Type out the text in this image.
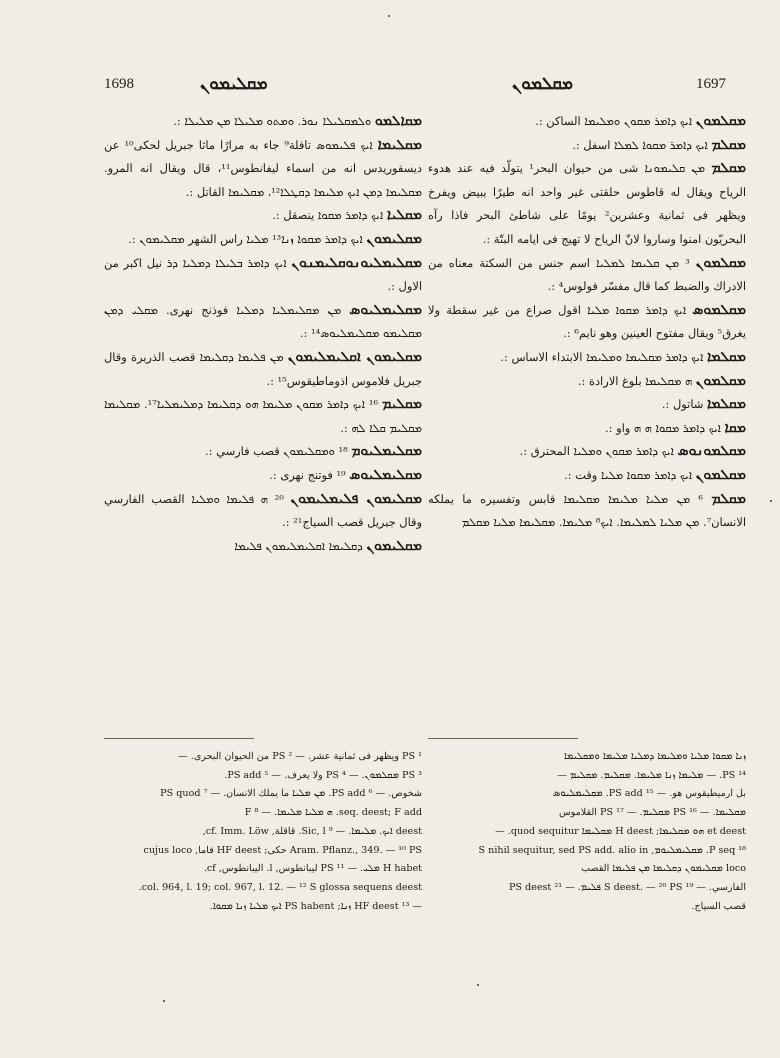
1698	ܡܩܠܝܡܘܢ	ܡܩܠܡܘܢ	1697

ܡܩܐܠܡܘ ܘܠܡܩܠܝܠܐ ܢܘܪ. ܘܡܬܘ ܡܠܝܠܐ ܡܢ ܡܠܝܠܐ :.

ܡܩܠܝܡܐ ܐܝܟ ܦܠܝܡܘܣ تافلة⁹ جاء به مرارًا ماثا جبريل لحكى¹⁰ عن ديسقوريدس انه من اسماء ليفانطوس¹¹، قال ويقال انه المرو. ܡܩܠܝܡܐ ܕܡܢ ܐܝܟ ܡܠܝܡܐ ܕܩܛܠܐ¹²، ܡܩܠܝܡܐ القاتل :.

ܡܩܠܝܐ ܐܝܟ ܕܐܡܪ ܡܩܘܐ ينصقل :.

ܡܩܠܝܡܘܢ ܐܝܟ ܕܐܡܪ ܡܩܘܐ ܙܢܐ¹³ ܡܠܝܐ راس الشهر ܡܩܠܝܡܘܢ :.

ܡܩܠܝܡܠܝܘܢܘܩܠܝܡܢܘܢ ܐܝܟ ܕܐܡܪ ܒܠܝܠܐ ܕܡܠܝܐ ܕܪ نيل اكبر من الاول :.

ܡܩܠܝܡܠܝܘܣ ܡܢ ܡܩܠܝܡܠܝܐ ܕܡܠܝܐ فوذنج نهرى. ܡܩܠܝ ܕܡܢ ܡܩܠܝܡܘ ܡܩܠܝܡܠܝܘܣ¹⁴ :.

ܡܩܠܝܡܘܢ ܐܩܠܝܡܠܝܡܘܢ ܡܢ ܦܠܝܡܐ ܕܩܠܝܡܐ قصب الذريرة وقال جبريل فلاموس اذوماطيقوس¹⁵ :.

ܡܩܠܝܡ ¹⁶ ܐܝܟ ܕܐܡܪ ܡܩܘܢ ܡܠܝܡܐ ܗܘ ܕܩܠܝܡܐ ܕܡܠܝܡܠܝܐ¹⁷. ܡܩܠܝܡܐ ܡܩܠܝܡ ܩܠܐ ܠܗ :.

ܡܩܠܝܡܠܝܘܡ ¹⁸ ܘܡܩܠܝܡܘܢ قصب فارسي :.

ܡܩܠܝܡܠܝܘܣ ¹⁹ فوتنج نهرى :.

ܡܩܠܝܡܘܢ ܦܠܝܡܠܝܡܘܢ ²⁰ ܗ ܦܠܝܡܐ ܘܡܠܝܐ القصب الفارسي وقال جبريل قصب السياج²¹ :.

ܡܩܠܝܡܘܢ ܕܩܠܝܡܐ ܐܩܠܝܡܠܝܡܘܢ ܦܠܝܡܐ

ܡܩܠܡܘܢ ܐܝܟ ܕܐܡܪ ܡܩܘܢ ܘܡܠܝܡܐ الساكن :.

ܡܩܠܡ ܐܝܟ ܕܐܡܪ ܡܩܘܐ ܠܡܠܐ اسفل :.

ܡܩܠܡ ܡܢ ܩܠܝܡܘܢܐ شى من حيوان البحر¹ يتولّد فيه عند هدوء الرياح ويقال له قاطوس حلقتى غير واحد انه طيرًا يبيض ويفرخ ويظهر فى ثمانية وعشرين² يومًا على شاطئ البحر فاذا رآه البحريّون امنوا وساروا لانّ الرياح لا تهيج فى ايامه البتّة :.

ܡܩܠܡܘܢ ³ ܡܢ ܩܠܝܡܐ ܠܡܠܝܐ اسم جنس من السكتة معناه من الادراك والضبط كما قال مفسّر فولوس⁴ :.

ܡܩܠܡܘܣ ܐܝܟ ܕܐܡܪ ܡܩܘܐ ܡܠܝܐ اقول صراع من غير سقطة ولا يغرق⁵ ويقال مفتوح العينين وهو نايم⁶ :.

ܡܩܠܡܐ ܐܝܟ ܕܐܡܪ ܡܩܠܝܡܐ ܘܡܠܝܡܐ الابتداء الاساس :.

ܡܩܠܡܘܢ ܗ ܡܩܠܝܡܐ بلوغ الارادة :.

ܡܩܠܡܐ شاتول :.

ܡܩܐ ܐܝܟ ܕܐܡܪ ܡܩܘܐ ܗ ܗ واو :.

ܡܩܠܡܘܢܘܣ ܐܝܟ ܕܐܡܪ ܡܩܘܢ ܘܡܠܝܐ المحترق :.

ܡܩܠܡܘܢ ܐܝܟ ܕܐܡܪ ܡܩܘܐ ܡܠܝܐ وقت :.

ܡܩܠܡ ⁶ ܡܢ ܡܠܝܐ ܡܠܝܡܐ ܡܩܠܝܡܐ قابس وتفسيره ما يملكه الانسان⁷. ܡܢ ܡܠܝܐ ܠܡܠܝܡܐ. ܐܝܟ⁸ ܡܠܝܡܐ. ܡܩܠܝܡܐ ܡܠܝܐ ܡܩܠܡ

¹ PS ويظهر فى ثمانية عشر. — ² PS من الحيوان البحرى. —

³ PS ܡܩܠܡܘܢ. — ⁴ PS ولا يعرف. — ⁵ PS add.

شخوص. — ⁶ PS add. ܡܢ ܡܠܝܐ ما يملك الانسان. — ⁷ PS quod

seq. deest; F add. ܗ ܡܠܝܐ ܡܠܝܡܐ. — ⁸ F

deest ܐܝܟ. ܡܠܝܡܐ. — ⁹ Sic, l. قاقلة, cf. Imm. Löw,

Aram. Pflanz., 349. — ¹⁰ PS حكى; HF deest فاما, cujus loco

H habet ܡܠܝ. — ¹¹ PS ليبانطوس, l. اليبانطوس, cf.

col. 964, l. 19; col. 967, l. 12. — ¹² S glossa sequens deest.

— ¹³ HF deest ܙܢܐ; PS habent ܐܝܟ ܡܠܝܐ ܙܢܐ ܡܩܘܐ.

ܙܢܐ ܡܩܘܐ ܡܠܝܐ ܘܡܠܝܡܐ ܕܡܠܝܐ ܡܠܝܡܐ ܘܡܩܠܝܡܐ

¹⁴ PS. — ܡܠܝܡܐ ܙܢܐ ܡܠܝܡܐ. ܡܩܠܝܡ. ܡܩܠܝܡ —

بل ارميطيقوس هو. — ¹⁵ PS add. ܡܩܠܝܡܠܝܘܣ

ܡܩܠܝܡܐ. — ¹⁶ PS ܡܩܠܝܡ. — ¹⁷ PS القلاموس

et deest ܗܘ ܡܩܠܝܡܐ; H deest ܡܩܠܝܡܐ quod sequitur. —

¹⁸ P seq. ܡܩܠܝܡܠܝܘܡ, S nihil sequitur, sed PS add. alio in

loco ܡܩܠܝܡܘܢ ܕܩܠܝܡܐ ܡܢ ܦܠܝܡܐ القصب

الفارسي. — ¹⁹ S deest. — ²⁰ PS ܦܠܝܡ. — ²¹ PS deest

قصب السياج.
